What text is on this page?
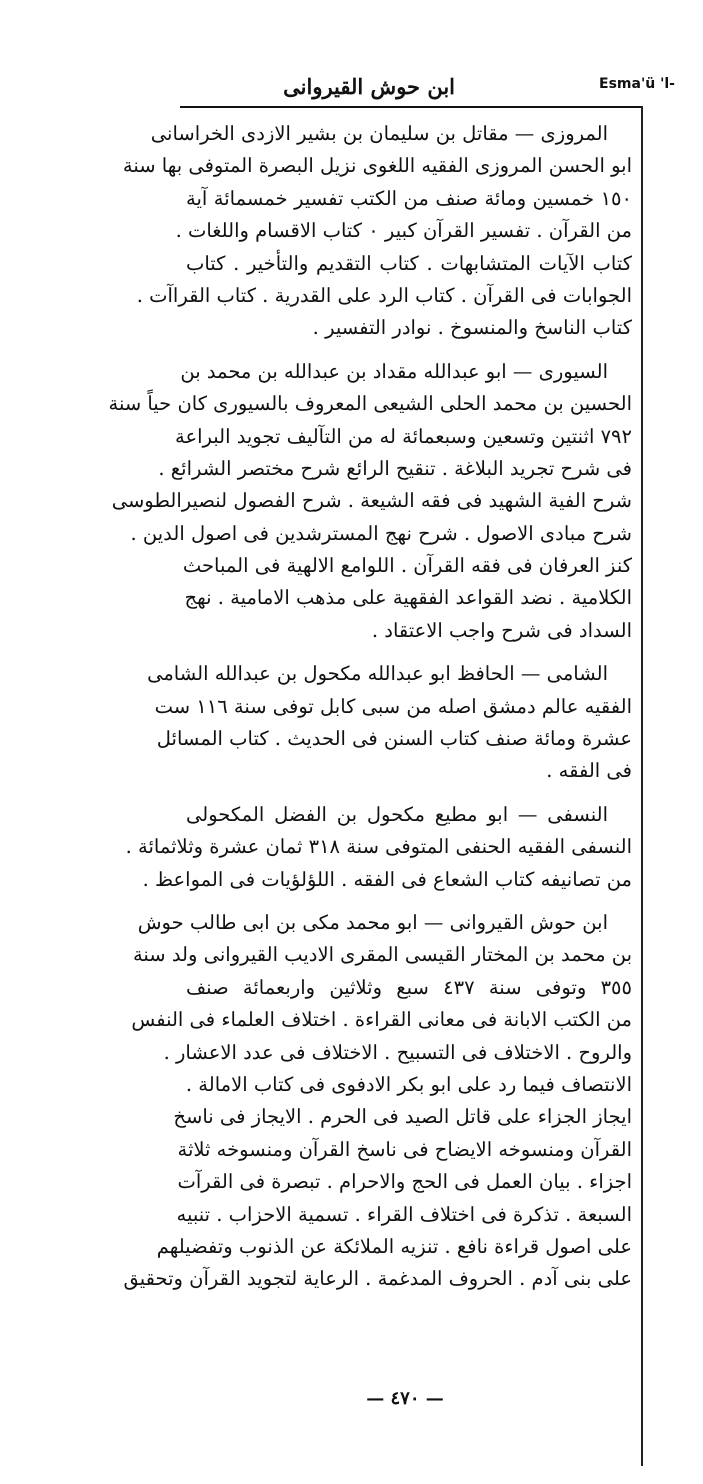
ابن حوش القيروانى	Esma'ü 'l-
المروزى — مقاتل بن سليمان بن بشير الازدى الخراسانى
ابو الحسن المروزى الفقيه اللغوى نزيل البصرة المتوفى بها سنة
١٥٠ خمسين ومائة صنف من الكتب تفسير خمسمائة آية
من القرآن . تفسير القرآن كبير ٠ كتاب الاقسام واللغات .
كتاب الآيات المتشابهات . كتاب التقديم والتأخير . كتاب
الجوابات فى القرآن . كتاب الرد على القدرية . كتاب القراآت .
كتاب الناسخ والمنسوخ . نوادر التفسير .
السيورى — ابو عبدالله مقداد بن عبدالله بن محمد بن
الحسين بن محمد الحلى الشيعى المعروف بالسيورى كان حياً سنة
٧٩٢ اثنتين وتسعين وسبعمائة له من التآليف تجويد البراعة
فى شرح تجريد البلاغة . تنقيح الرائع شرح مختصر الشرائع .
شرح الفية الشهيد فى فقه الشيعة . شرح الفصول لنصيرالطوسى
شرح مبادى الاصول . شرح نهج المسترشدين فى اصول الدين .
كنز العرفان فى فقه القرآن . اللوامع الالهية فى المباحث
الكلامية . نضد القواعد الفقهية على مذهب الامامية . نهج
السداد فى شرح واجب الاعتقاد .
الشامى — الحافظ ابو عبدالله مكحول بن عبدالله الشامى
الفقيه عالم دمشق اصله من سبى كابل توفى سنة ١١٦ ست
عشرة ومائة صنف كتاب السنن فى الحديث . كتاب المسائل
فى الفقه .
النسفى — ابو مطيع مكحول بن الفضل المكحولى
النسفى الفقيه الحنفى المتوفى سنة ٣١٨ ثمان عشرة وثلاثمائة .
من تصانيفه كتاب الشعاع فى الفقه . اللؤلؤيات فى المواعظ .
ابن حوش القيروانى — ابو محمد مكى بن ابى طالب حوش
بن محمد بن المختار القيسى المقرى الاديب القيروانى ولد سنة
٣٥٥ وتوفى سنة ٤٣٧ سبع وثلاثين واربعمائة صنف
من الكتب الابانة فى معانى القراءة . اختلاف العلماء فى النفس
والروح . الاختلاف فى التسبيح . الاختلاف فى عدد الاعشار .
الانتصاف فيما رد على ابو بكر الادفوى فى كتاب الامالة .
ايجاز الجزاء على قاتل الصيد فى الحرم . الايجاز فى ناسخ
القرآن ومنسوخه الايضاح فى ناسخ القرآن ومنسوخه ثلاثة
اجزاء . بيان العمل فى الحج والاحرام . تبصرة فى القرآت
السبعة . تذكرة فى اختلاف القراء . تسمية الاحزاب . تنبيه
على اصول قراءة نافع . تنزيه الملائكة عن الذنوب وتفضيلهم
على بنى آدم . الحروف المدغمة . الرعاية لتجويد القرآن وتحقيق
— ٤٧٠ —
